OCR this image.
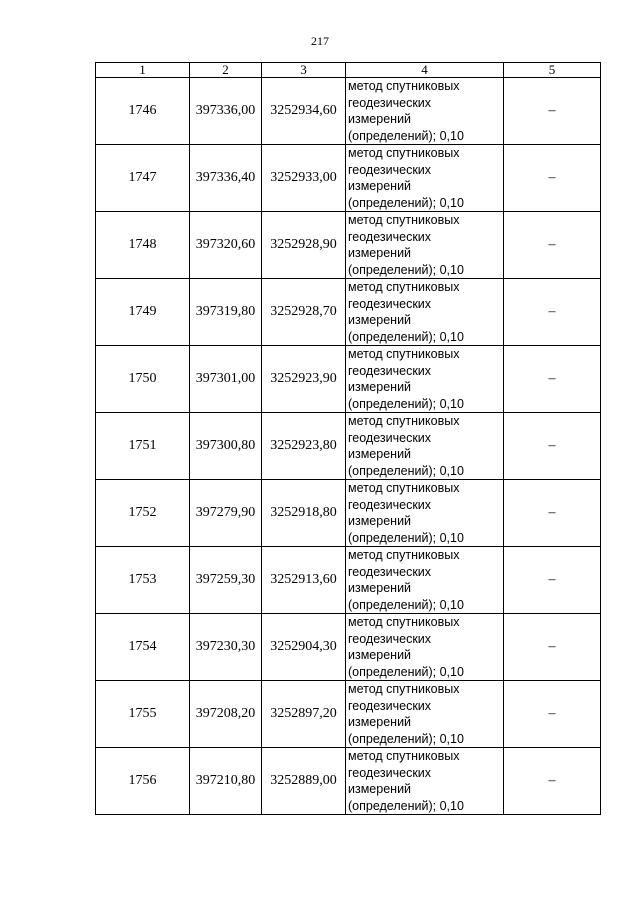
217
1	2	3	4	5
1746	397336,00	3252934,60	метод спутниковых
геодезических
измерений
(определений); 0,10	–
1747	397336,40	3252933,00	метод спутниковых
геодезических
измерений
(определений); 0,10	–
1748	397320,60	3252928,90	метод спутниковых
геодезических
измерений
(определений); 0,10	–
1749	397319,80	3252928,70	метод спутниковых
геодезических
измерений
(определений); 0,10	–
1750	397301,00	3252923,90	метод спутниковых
геодезических
измерений
(определений); 0,10	–
1751	397300,80	3252923,80	метод спутниковых
геодезических
измерений
(определений); 0,10	–
1752	397279,90	3252918,80	метод спутниковых
геодезических
измерений
(определений); 0,10	–
1753	397259,30	3252913,60	метод спутниковых
геодезических
измерений
(определений); 0,10	–
1754	397230,30	3252904,30	метод спутниковых
геодезических
измерений
(определений); 0,10	–
1755	397208,20	3252897,20	метод спутниковых
геодезических
измерений
(определений); 0,10	–
1756	397210,80	3252889,00	метод спутниковых
геодезических
измерений
(определений); 0,10	–
